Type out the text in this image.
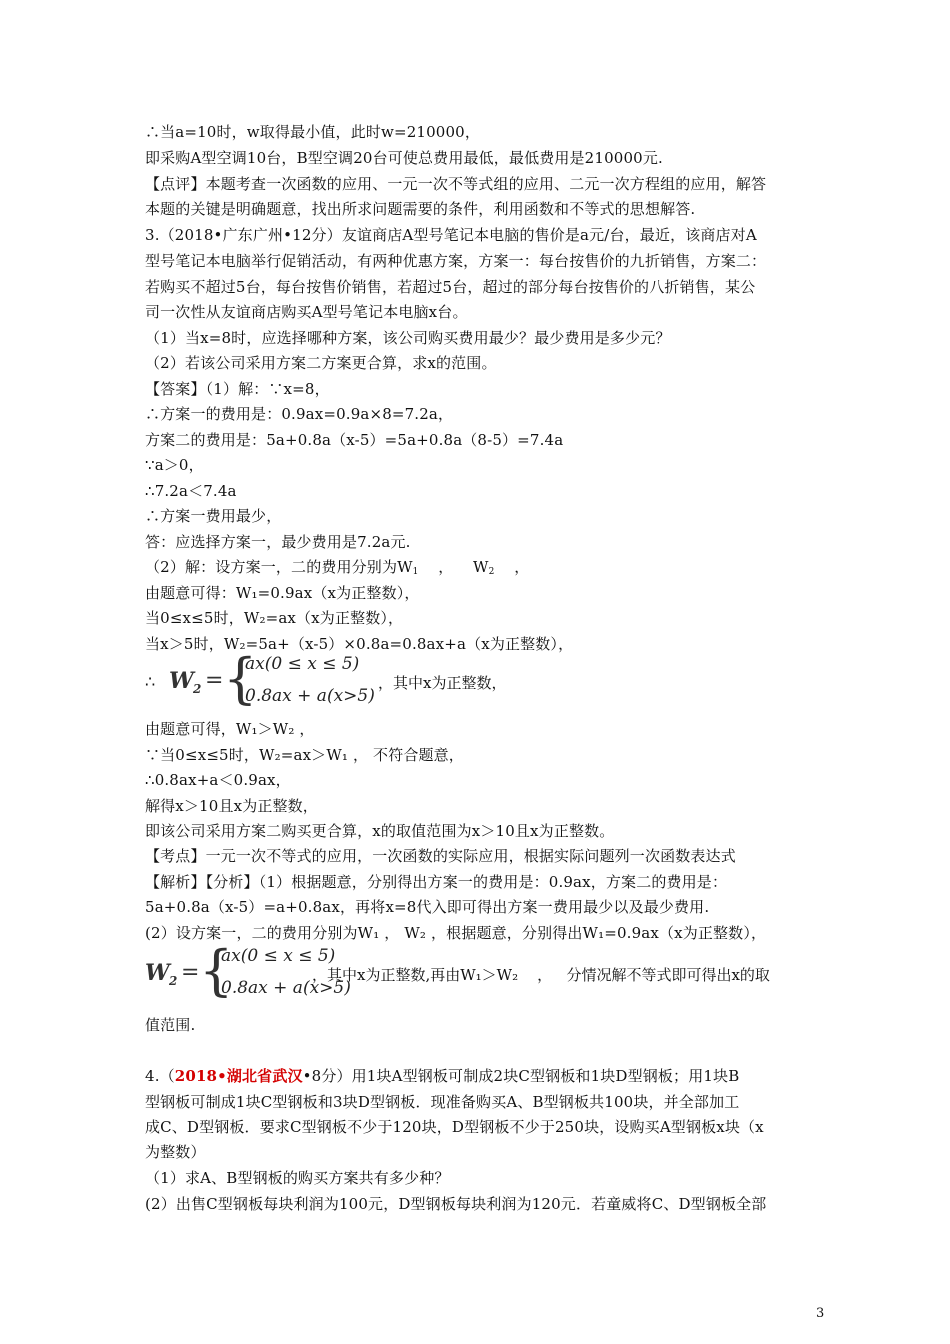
∴当a=10时，w取得最小值，此时w=210000，
即采购A型空调10台，B型空调20台可使总费用最低，最低费用是210000元.
【点评】本题考查一次函数的应用、一元一次不等式组的应用、二元一次方程组的应用，解答
本题的关键是明确题意，找出所求问题需要的条件，利用函数和不等式的思想解答.
3.（2018•广东广州•12分）友谊商店A型号笔记本电脑的售价是a元/台，最近，该商店对A
型号笔记本电脑举行促销活动，有两种优惠方案，方案一：每台按售价的九折销售，方案二：
若购买不超过5台，每台按售价销售，若超过5台，超过的部分每台按售价的八折销售，某公
司一次性从友谊商店购买A型号笔记本电脑x台。
（1）当x=8时，应选择哪种方案，该公司购买费用最少？最少费用是多少元？
（2）若该公司采用方案二方案更合算，求x的范围。
【答案】（1）解：∵x=8，
∴方案一的费用是：0.9ax=0.9a×8=7.2a，
方案二的费用是：5a+0.8a（x-5）=5a+0.8a（8-5）=7.4a
∵a＞0，
∴7.2a＜7.4a
∴方案一费用最少，
答：应选择方案一，最少费用是7.2a元.
（2）解：设方案一，二的费用分别为$W_1$    ，    $W_2$    ，
由题意可得：W₁=0.9ax（x为正整数），
当0≤x≤5时，W₂=ax（x为正整数），
当x＞5时，W₂=5a+（x-5）×0.8a=0.8ax+a（x为正整数），
∴ W 2 = {
ax(0 ≤ x ≤ 5)
0.8ax + a(x>5)
，其中x为正整数，
由题意可得，W₁＞W₂ ，
∵当0≤x≤5时，W₂=ax＞W₁ ， 不符合题意，
∴0.8ax+a＜0.9ax，
解得x＞10且x为正整数，
即该公司采用方案二购买更合算，x的取值范围为x＞10且x为正整数。
【考点】一元一次不等式的应用，一次函数的实际应用，根据实际问题列一次函数表达式
【解析】【分析】（1）根据题意，分别得出方案一的费用是：0.9ax，方案二的费用是：
5a+0.8a（x-5）=a+0.8ax，再将x=8代入即可得出方案一费用最少以及最少费用.
(2）设方案一，二的费用分别为W₁ ， W₂ ，根据题意，分别得出W₁=0.9ax（x为正整数），
W 2 = {
ax(0 ≤ x ≤ 5)
0.8ax + a(x>5)
，其中x为正整数,再由W₁＞W₂    ，   分情况解不等式即可得出x的取
值范围.
4.（2018•湖北省武汉•8分）用1块A型钢板可制成2块C型钢板和1块D型钢板；用1块B
型钢板可制成1块C型钢板和3块D型钢板．现准备购买A、B型钢板共100块，并全部加工
成C、D型钢板．要求C型钢板不少于120块，D型钢板不少于250块，设购买A型钢板x块（x
为整数）
（1）求A、B型钢板的购买方案共有多少种？
(2）出售C型钢板每块利润为100元，D型钢板每块利润为120元．若童威将C、D型钢板全部
3
